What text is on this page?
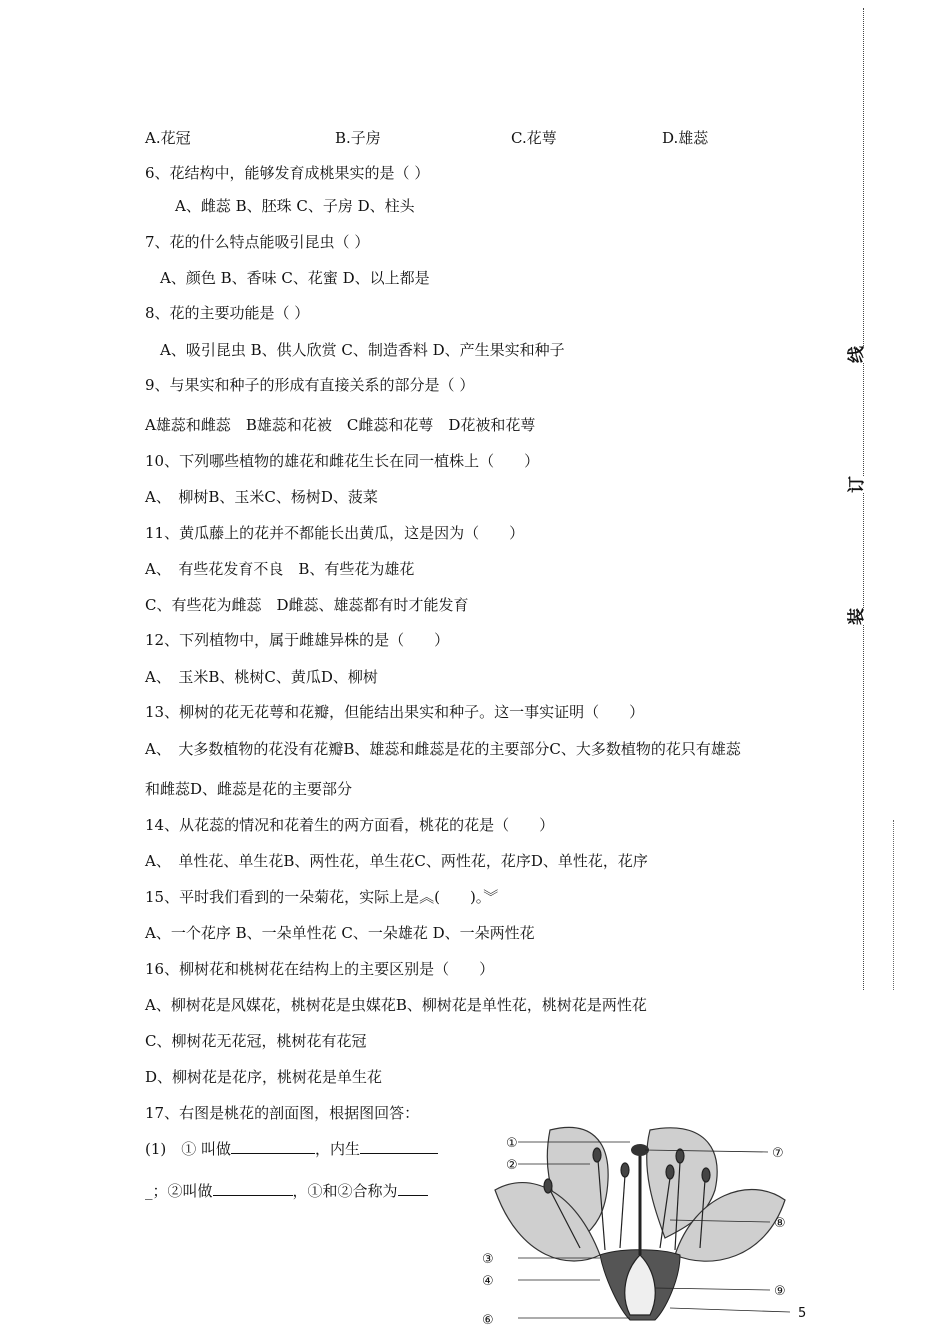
A.花冠	B.子房	C.花萼	D.雄蕊
6、花结构中，能够发育成桃果实的是（ ）
A、雌蕊 B、胚珠 C、子房 D、柱头
7、花的什么特点能吸引昆虫（ ）
A、颜色 B、香味 C、花蜜 D、以上都是
8、花的主要功能是（ ）
A、吸引昆虫 B、供人欣赏 C、制造香料 D、产生果实和种子
9、与果实和种子的形成有直接关系的部分是（ ）
A雄蕊和雌蕊　B雄蕊和花被　C雌蕊和花萼　D花被和花萼
10、下列哪些植物的雄花和雌花生长在同一植株上（　　）
A、　柳树B、玉米C、杨树D、菠菜
11、黄瓜藤上的花并不都能长出黄瓜，这是因为（　　）
A、　有些花发育不良　B、有些花为雄花
C、有些花为雌蕊　D雌蕊、雄蕊都有时才能发育
12、下列植物中，属于雌雄异株的是（　　）
A、　玉米B、桃树C、黄瓜D、柳树
13、柳树的花无花萼和花瓣，但能结出果实和种子。这一事实证明（　　）
A、　大多数植物的花没有花瓣B、雄蕊和雌蕊是花的主要部分C、大多数植物的花只有雄蕊
和雌蕊D、雌蕊是花的主要部分
14、从花蕊的情况和花着生的两方面看，桃花的花是（　　）
A、　单性花、单生花B、两性花，单生花C、两性花，花序D、单性花，花序
15、平时我们看到的一朵菊花，实际上是︽(　　)。︾
A、一个花序 B、一朵单性花 C、一朵雄花 D、一朵两性花
16、柳树花和桃树花在结构上的主要区别是（　　）
A、柳树花是风媒花，桃树花是虫媒花B、柳树花是单性花，桃树花是两性花
C、柳树花无花冠，桃树花有花冠
D、柳树花是花序，桃树花是单生花
17、右图是桃花的剖面图，根据图回答：
(1)　① 叫做	，内生
_；②叫做	，①和②合称为
线
订
装
①
②
③
④
⑥
⑦
⑧
⑨
5
